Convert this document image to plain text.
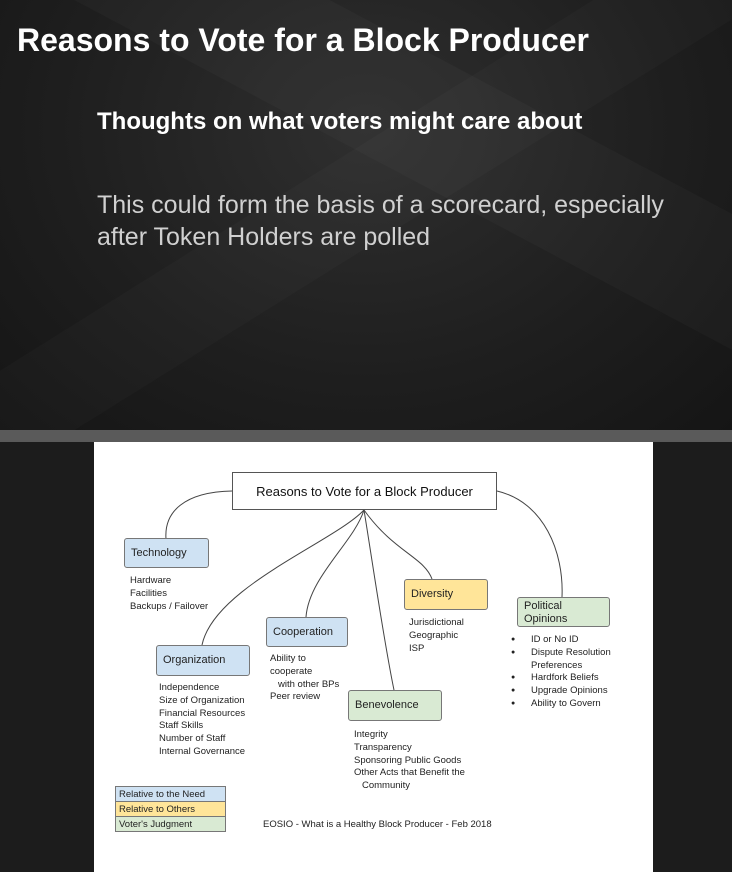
Reasons to Vote for a Block Producer
Thoughts on what voters might care about
This could form the basis of a scorecard, especially after Token Holders are polled
Reasons to Vote for a Block Producer
Technology
Hardware
Facilities
Backups / Failover
Organization
Independence
Size of Organization
Financial Resources
Staff Skills
Number of Staff
Internal Governance
Cooperation
Ability to
cooperate
with other BPs
Peer review
Diversity
Jurisdictional
Geographic
ISP
Benevolence
Integrity
Transparency
Sponsoring Public Goods
Other Acts that Benefit the
Community
Political
Opinions
● ID or No ID
● Dispute Resolution
Preferences
● Hardfork Beliefs
● Upgrade Opinions
● Ability to Govern
Relative to the Need
Relative to Others
Voter's Judgment	EOSIO - What is a Healthy Block Producer - Feb 2018
